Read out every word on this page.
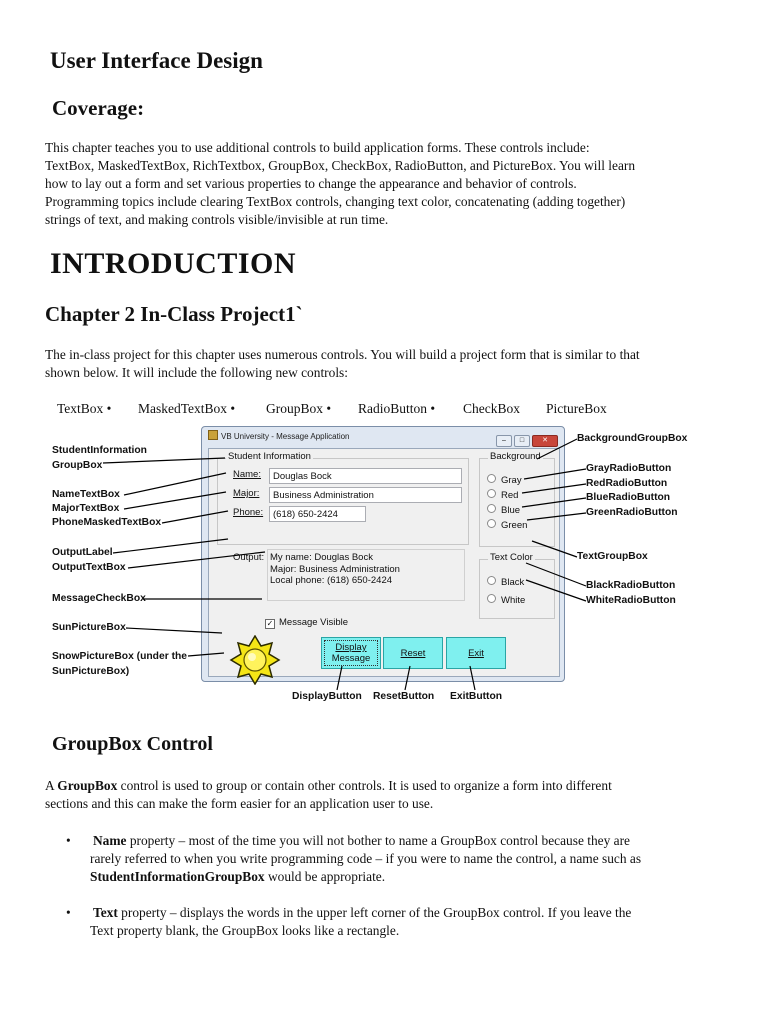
User Interface Design
Coverage:
This chapter teaches you to use additional controls to build application forms. These controls include:
TextBox, MaskedTextBox, RichTextbox, GroupBox, CheckBox, RadioButton, and PictureBox. You will learn
how to lay out a form and set various properties to change the appearance and behavior of controls.
Programming topics include clearing TextBox controls, changing text color, concatenating (adding together)
strings of text, and making controls visible/invisible at run time.
INTRODUCTION
Chapter 2 In-Class Project1`
The in-class project for this chapter uses numerous controls. You will build a project form that is similar to that
shown below. It will include the following new controls:
TextBox • MaskedTextBox • GroupBox • RadioButton • CheckBox PictureBox
VB University - Message Application	– □	✕
Student Information
Name:	Douglas Bock
Major:	Business Administration
Phone:	(618) 650-2424
Output: My name: Douglas Bock
Major: Business Administration
Local phone: (618) 650-2424
✓ Message Visible
Display
Message	Reset	Exit
Background
Gray
Red
Blue
Green
Text Color
Black
White
StudentInformation
GroupBox
NameTextBox
MajorTextBox
PhoneMaskedTextBox
OutputLabel
OutputTextBox
MessageCheckBox
SunPictureBox
SnowPictureBox (under the
SunPictureBox)
BackgroundGroupBox
GrayRadioButton
RedRadioButton
BlueRadioButton
GreenRadioButton
TextGroupBox
BlackRadioButton
WhiteRadioButton
DisplayButton ResetButton ExitButton
GroupBox Control
A GroupBox control is used to group or contain other controls. It is used to organize a form into different
sections and this can make the form easier for an application user to use.
• Name property – most of the time you will not bother to name a GroupBox control because they are
rarely referred to when you write programming code – if you were to name the control, a name such as
StudentInformationGroupBox would be appropriate.
• Text property – displays the words in the upper left corner of the GroupBox control. If you leave the
Text property blank, the GroupBox looks like a rectangle.
